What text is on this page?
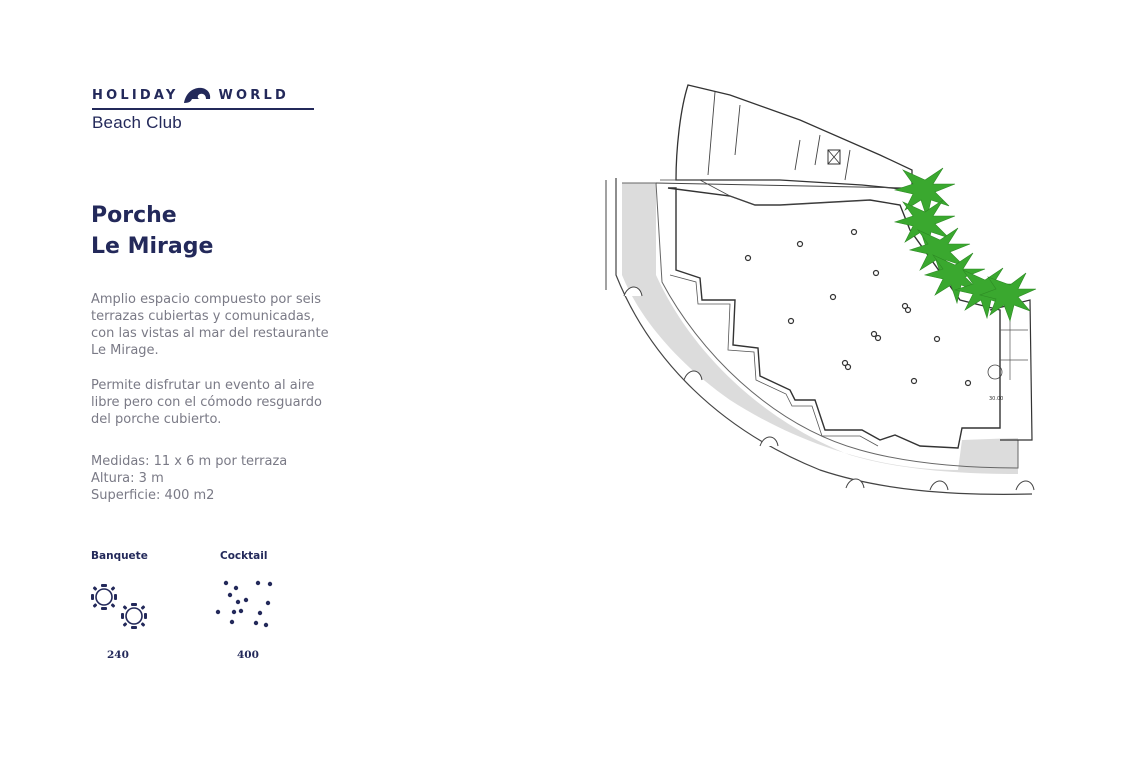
HOLIDAY	WORLD
Beach Club
Porche
Le Mirage
Amplio espacio compuesto por seis
terrazas cubiertas y comunicadas,
con las vistas al mar del restaurante
Le Mirage.
Permite disfrutar un evento al aire
libre pero con el cómodo resguardo
del porche cubierto.
Medidas: 11 x 6 m por terraza
Altura: 3 m
Superficie: 400 m2
Banquete	Cocktail
240	400
30.00
